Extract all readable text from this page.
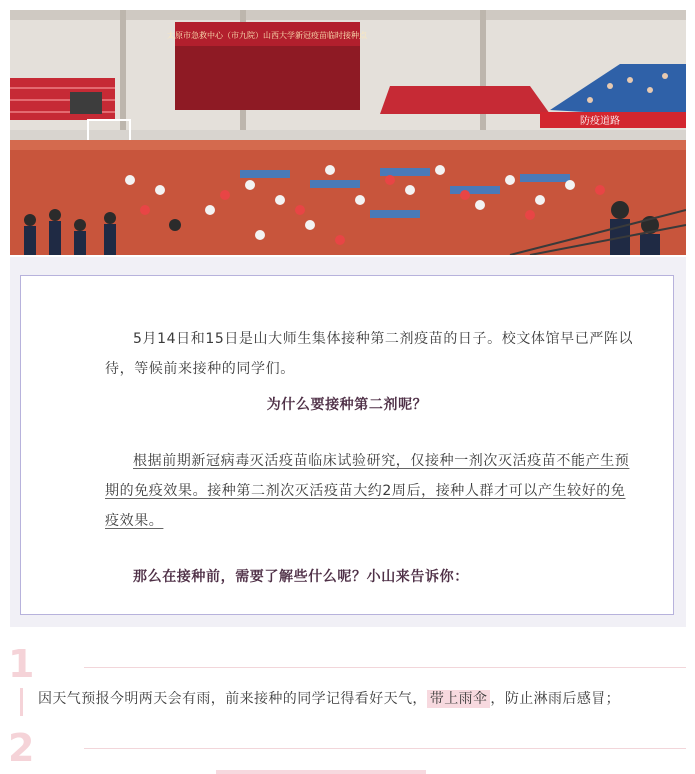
太原市急救中心（市九院）山西大学新冠疫苗临时接种点
防疫道路
5月14日和15日是山大师生集体接种第二剂疫苗的日子。校文体馆早已严阵以待，等候前来接种的同学们。
为什么要接种第二剂呢？
根据前期新冠病毒灭活疫苗临床试验研究，仅接种一剂次灭活疫苗不能产生预期的免疫效果。接种第二剂次灭活疫苗大约2周后，接种人群才可以产生较好的免疫效果。
那么在接种前，需要了解些什么呢？小山来告诉你：
1
因天气预报今明两天会有雨，前来接种的同学记得看好天气， 带上雨伞 ，防止淋雨后感冒；
2
